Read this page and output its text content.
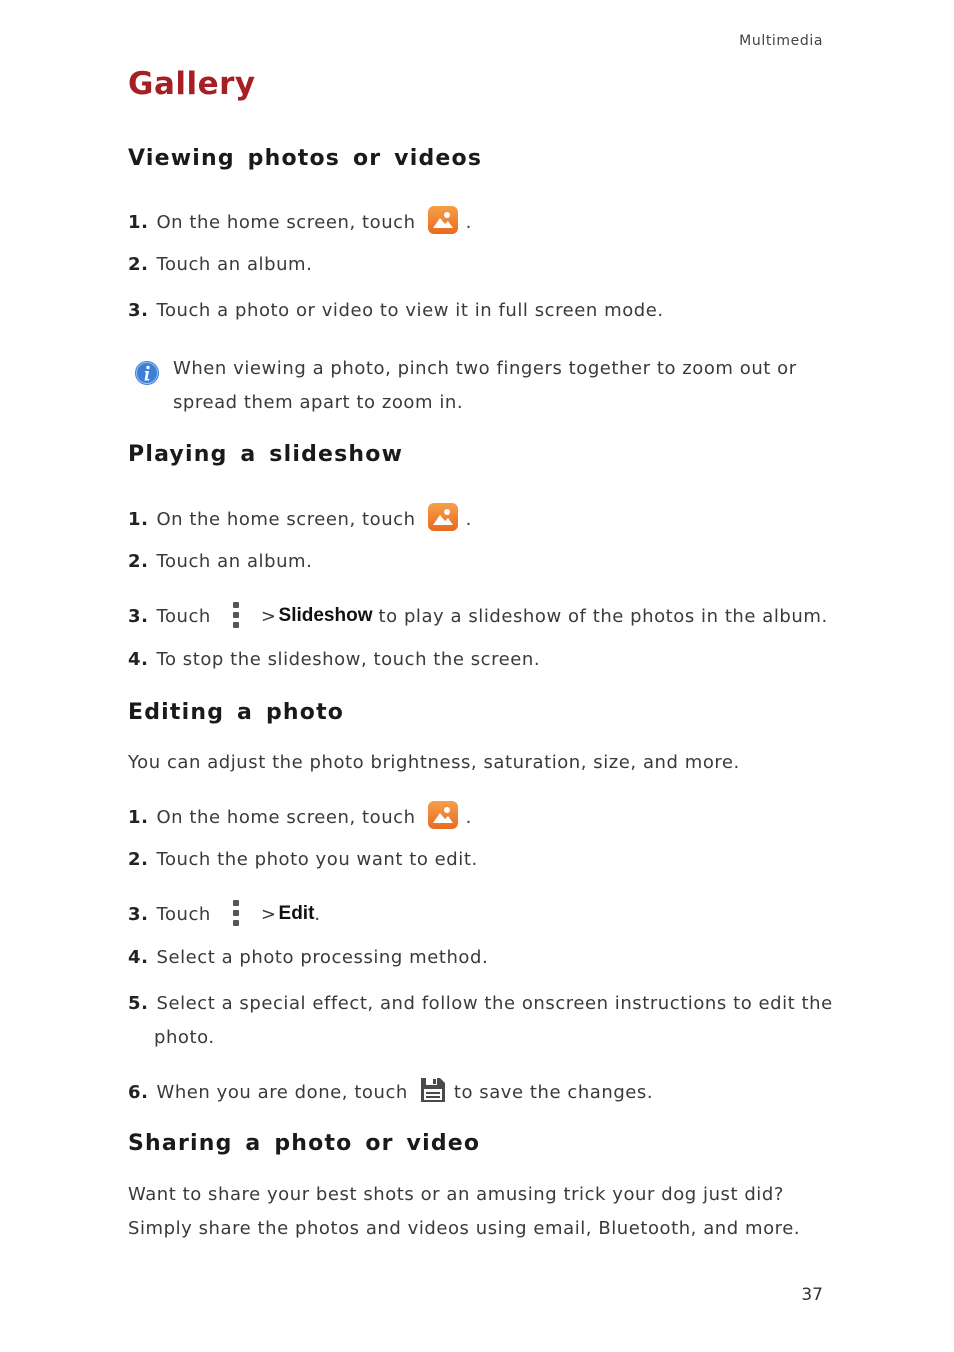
Multimedia
Gallery
Viewing photos or videos
1. On the home screen, touch	.
2. Touch an album.
3. Touch a photo or video to view it in full screen mode.
When viewing a photo, pinch two fingers together to zoom out or spread them apart to zoom in.
Playing a slideshow
1. On the home screen, touch	.
2. Touch an album.
3. Touch	> Slideshow to play a slideshow of the photos in the album.
4. To stop the slideshow, touch the screen.
Editing a photo
You can adjust the photo brightness, saturation, size, and more.
1. On the home screen, touch	.
2. Touch the photo you want to edit.
3. Touch	> Edit .
4. Select a photo processing method.
5. Select a special effect, and follow the onscreen instructions to edit the
photo.
6. When you are done, touch	to save the changes.
Sharing a photo or video
Want to share your best shots or an amusing trick your dog just did? Simply share the photos and videos using email, Bluetooth, and more.
37
